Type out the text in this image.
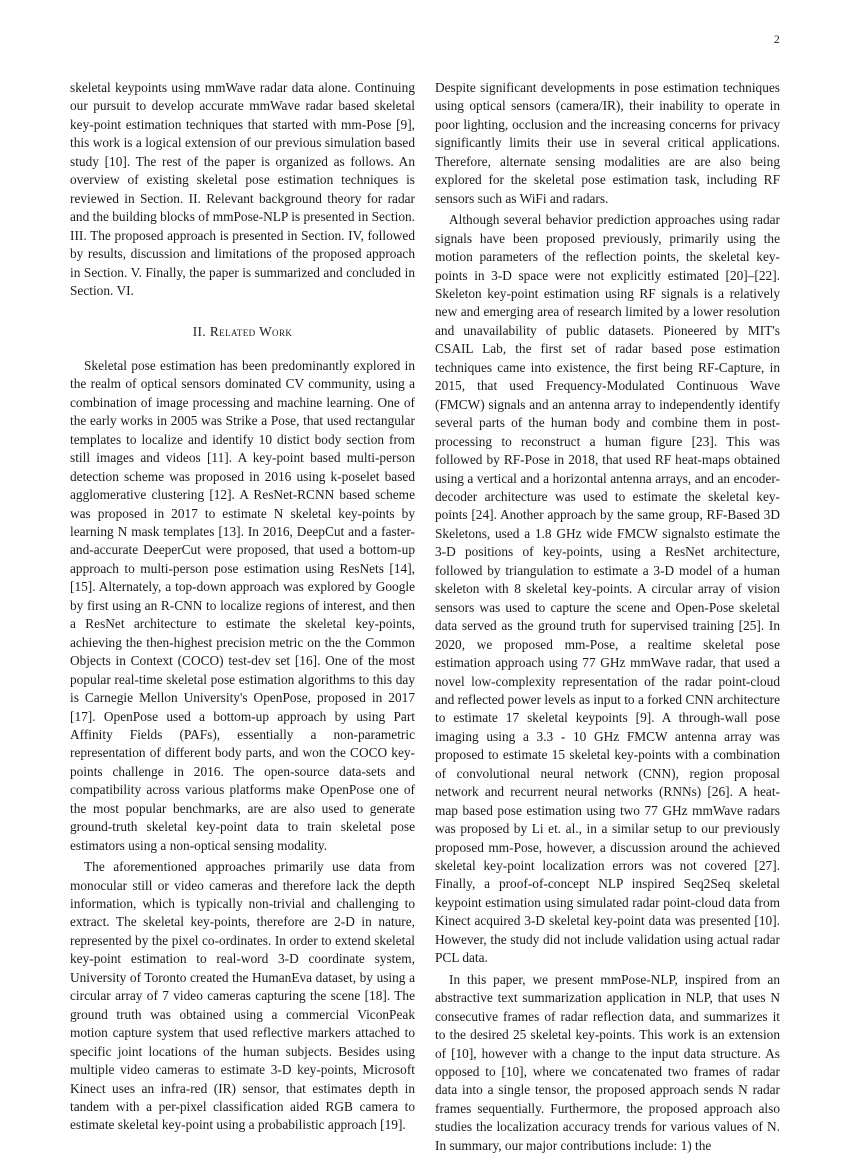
2

skeletal keypoints using mmWave radar data alone. Continuing our pursuit to develop accurate mmWave radar based skeletal key-point estimation techniques that started with mm-Pose [9], this work is a logical extension of our previous simulation based study [10]. The rest of the paper is organized as follows. An overview of existing skeletal pose estimation techniques is reviewed in Section. II. Relevant background theory for radar and the building blocks of mmPose-NLP is presented in Section. III. The proposed approach is presented in Section. IV, followed by results, discussion and limitations of the proposed approach in Section. V. Finally, the paper is summarized and concluded in Section. VI.

II. Related Work

Skeletal pose estimation has been predominantly explored in the realm of optical sensors dominated CV community, using a combination of image processing and machine learning. One of the early works in 2005 was Strike a Pose, that used rectangular templates to localize and identify 10 distict body section from still images and videos [11]. A key-point based multi-person detection scheme was proposed in 2016 using k-poselet based agglomerative clustering [12]. A ResNet-RCNN based scheme was proposed in 2017 to estimate N skeletal key-points by learning N mask templates [13]. In 2016, DeepCut and a faster-and-accurate DeeperCut were proposed, that used a bottom-up approach to multi-person pose estimation using ResNets [14], [15]. Alternately, a top-down approach was explored by Google by first using an R-CNN to localize regions of interest, and then a ResNet architecture to estimate the skeletal key-points, achieving the then-highest precision metric on the the Common Objects in Context (COCO) test-dev set [16]. One of the most popular real-time skeletal pose estimation algorithms to this day is Carnegie Mellon University's OpenPose, proposed in 2017 [17]. OpenPose used a bottom-up approach by using Part Affinity Fields (PAFs), essentially a non-parametric representation of different body parts, and won the COCO key-points challenge in 2016. The open-source data-sets and compatibility across various platforms make OpenPose one of the most popular benchmarks, are are also used to generate ground-truth skeletal key-point data to train skeletal pose estimators using a non-optical sensing modality.

The aforementioned approaches primarily use data from monocular still or video cameras and therefore lack the depth information, which is typically non-trivial and challenging to extract. The skeletal key-points, therefore are 2-D in nature, represented by the pixel co-ordinates. In order to extend skeletal key-point estimation to real-word 3-D coordinate system, University of Toronto created the HumanEva dataset, by using a circular array of 7 video cameras capturing the scene [18]. The ground truth was obtained using a commercial ViconPeak motion capture system that used reflective markers attached to specific joint locations of the human subjects. Besides using multiple video cameras to estimate 3-D key-points, Microsoft Kinect uses an infra-red (IR) sensor, that estimates depth in tandem with a per-pixel classification aided RGB camera to estimate skeletal key-point using a probabilistic approach [19].

Despite significant developments in pose estimation techniques using optical sensors (camera/IR), their inability to operate in poor lighting, occlusion and the increasing concerns for privacy significantly limits their use in several critical applications. Therefore, alternate sensing modalities are are also being explored for the skeletal pose estimation task, including RF sensors such as WiFi and radars.

Although several behavior prediction approaches using radar signals have been proposed previously, primarily using the motion parameters of the reflection points, the skeletal key-points in 3-D space were not explicitly estimated [20]–[22]. Skeleton key-point estimation using RF signals is a relatively new and emerging area of research limited by a lower resolution and unavailability of public datasets. Pioneered by MIT's CSAIL Lab, the first set of radar based pose estimation techniques came into existence, the first being RF-Capture, in 2015, that used Frequency-Modulated Continuous Wave (FMCW) signals and an antenna array to independently identify several parts of the human body and combine them in post-processing to reconstruct a human figure [23]. This was followed by RF-Pose in 2018, that used RF heat-maps obtained using a vertical and a horizontal antenna arrays, and an encoder-decoder architecture was used to estimate the skeletal key-points [24]. Another approach by the same group, RF-Based 3D Skeletons, used a 1.8 GHz wide FMCW signalsto estimate the 3-D positions of key-points, using a ResNet architecture, followed by triangulation to estimate a 3-D model of a human skeleton with 8 skeletal key-points. A circular array of vision sensors was used to capture the scene and Open-Pose skeletal data served as the ground truth for supervised training [25]. In 2020, we proposed mm-Pose, a realtime skeletal pose estimation approach using 77 GHz mmWave radar, that used a novel low-complexity representation of the radar point-cloud and reflected power levels as input to a forked CNN architecture to estimate 17 skeletal keypoints [9]. A through-wall pose imaging using a 3.3 - 10 GHz FMCW antenna array was proposed to estimate 15 skeletal key-points with a combination of convolutional neural network (CNN), region proposal network and recurrent neural networks (RNNs) [26]. A heat-map based pose estimation using two 77 GHz mmWave radars was proposed by Li et. al., in a similar setup to our previously proposed mm-Pose, however, a discussion around the achieved skeletal key-point localization errors was not covered [27]. Finally, a proof-of-concept NLP inspired Seq2Seq skeletal keypoint estimation using simulated radar point-cloud data from Kinect acquired 3-D skeletal key-point data was presented [10]. However, the study did not include validation using actual radar PCL data.

In this paper, we present mmPose-NLP, inspired from an abstractive text summarization application in NLP, that uses N consecutive frames of radar reflection data, and summarizes it to the desired 25 skeletal key-points. This work is an extension of [10], however with a change to the input data structure. As opposed to [10], where we concatenated two frames of radar data into a single tensor, the proposed approach sends N radar frames sequentially. Furthermore, the proposed approach also studies the localization accuracy trends for various values of N. In summary, our major contributions include: 1) the
